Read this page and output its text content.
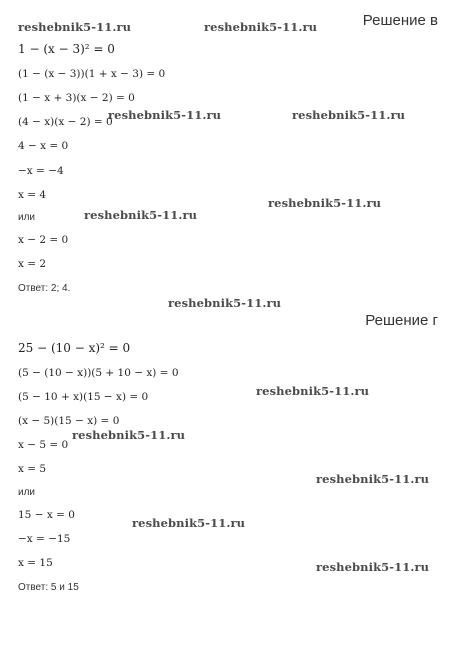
reshebnik5-11.ru	reshebnik5-11.ru
reshebnik5-11.ru	reshebnik5-11.ru
reshebnik5-11.ru
reshebnik5-11.ru
reshebnik5-11.ru
reshebnik5-11.ru
reshebnik5-11.ru
reshebnik5-11.ru
reshebnik5-11.ru
reshebnik5-11.ru
Решение в
1 − (x − 3)² = 0
(1 − (x − 3))(1 + x − 3) = 0
(1 − x + 3)(x − 2) = 0
(4 − x)(x − 2) = 0
4 − x = 0
−x = −4
x = 4
или
x − 2 = 0
x = 2
Ответ: 2; 4.
Решение г
25 − (10 − x)² = 0
(5 − (10 − x))(5 + 10 − x) = 0
(5 − 10 + x)(15 − x) = 0
(x − 5)(15 − x) = 0
x − 5 = 0
x = 5
или
15 − x = 0
−x = −15
x = 15
Ответ: 5 и 15
